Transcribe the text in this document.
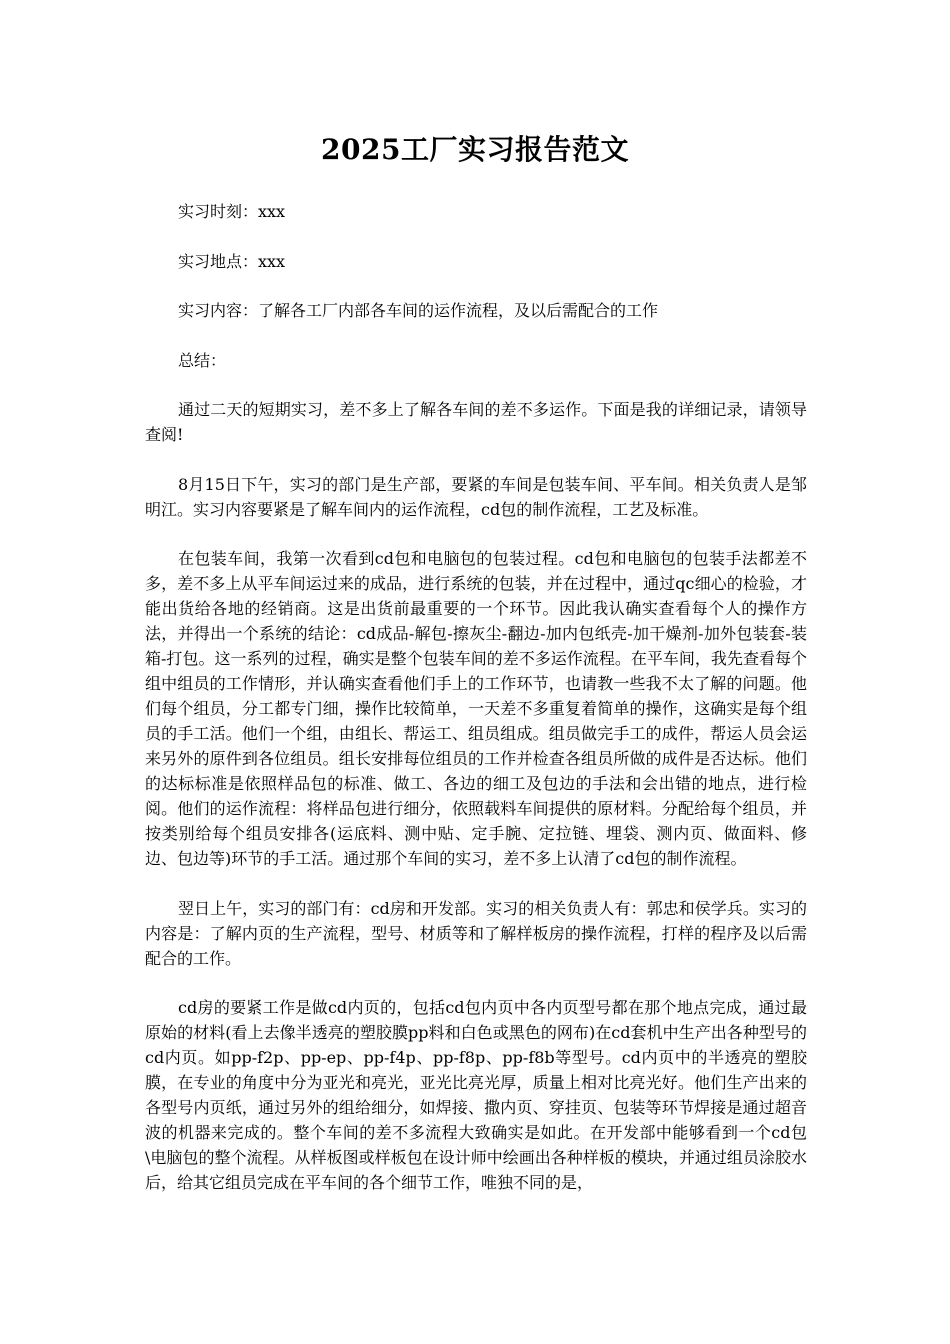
2025工厂实习报告范文

实习时刻：xxx

实习地点：xxx

实习内容：了解各工厂内部各车间的运作流程，及以后需配合的工作

总结：

通过二天的短期实习，差不多上了解各车间的差不多运作。下面是我的详细记录，请领导查阅!

8月15日下午，实习的部门是生产部，要紧的车间是包装车间、平车间。相关负责人是邹明江。实习内容要紧是了解车间内的运作流程，cd包的制作流程，工艺及标准。

在包装车间，我第一次看到cd包和电脑包的包装过程。cd包和电脑包的包装手法都差不多，差不多上从平车间运过来的成品，进行系统的包装，并在过程中，通过qc细心的检验，才能出货给各地的经销商。这是出货前最重要的一个环节。因此我认确实查看每个人的操作方法，并得出一个系统的结论：cd成品-解包-擦灰尘-翻边-加内包纸壳-加干燥剂-加外包装套-装箱-打包。这一系列的过程，确实是整个包装车间的差不多运作流程。在平车间，我先查看每个组中组员的工作情形，并认确实查看他们手上的工作环节，也请教一些我不太了解的问题。他们每个组员，分工都专门细，操作比较简单，一天差不多重复着简单的操作，这确实是每个组员的手工活。他们一个组，由组长、帮运工、组员组成。组员做完手工的成件，帮运人员会运来另外的原件到各位组员。组长安排每位组员的工作并检查各组员所做的成件是否达标。他们的达标标准是依照样品包的标准、做工、各边的细工及包边的手法和会出错的地点，进行检阅。他们的运作流程：将样品包进行细分，依照载料车间提供的原材料。分配给每个组员，并按类别给每个组员安排各(运底料、测中贴、定手腕、定拉链、埋袋、测内页、做面料、修边、包边等)环节的手工活。通过那个车间的实习，差不多上认清了cd包的制作流程。

翌日上午，实习的部门有：cd房和开发部。实习的相关负责人有：郭忠和侯学兵。实习的内容是：了解内页的生产流程，型号、材质等和了解样板房的操作流程，打样的程序及以后需配合的工作。

cd房的要紧工作是做cd内页的，包括cd包内页中各内页型号都在那个地点完成，通过最原始的材料(看上去像半透亮的塑胶膜pp料和白色或黑色的网布)在cd套机中生产出各种型号的cd内页。如pp-f2p、pp-ep、pp-f4p、pp-f8p、pp-f8b等型号。cd内页中的半透亮的塑胶膜，在专业的角度中分为亚光和亮光，亚光比亮光厚，质量上相对比亮光好。他们生产出来的各型号内页纸，通过另外的组给细分，如焊接、撒内页、穿挂页、包装等环节焊接是通过超音波的机器来完成的。整个车间的差不多流程大致确实是如此。在开发部中能够看到一个cd包\电脑包的整个流程。从样板图或样板包在设计师中绘画出各种样板的模块，并通过组员涂胶水后，给其它组员完成在平车间的各个细节工作，唯独不同的是，
